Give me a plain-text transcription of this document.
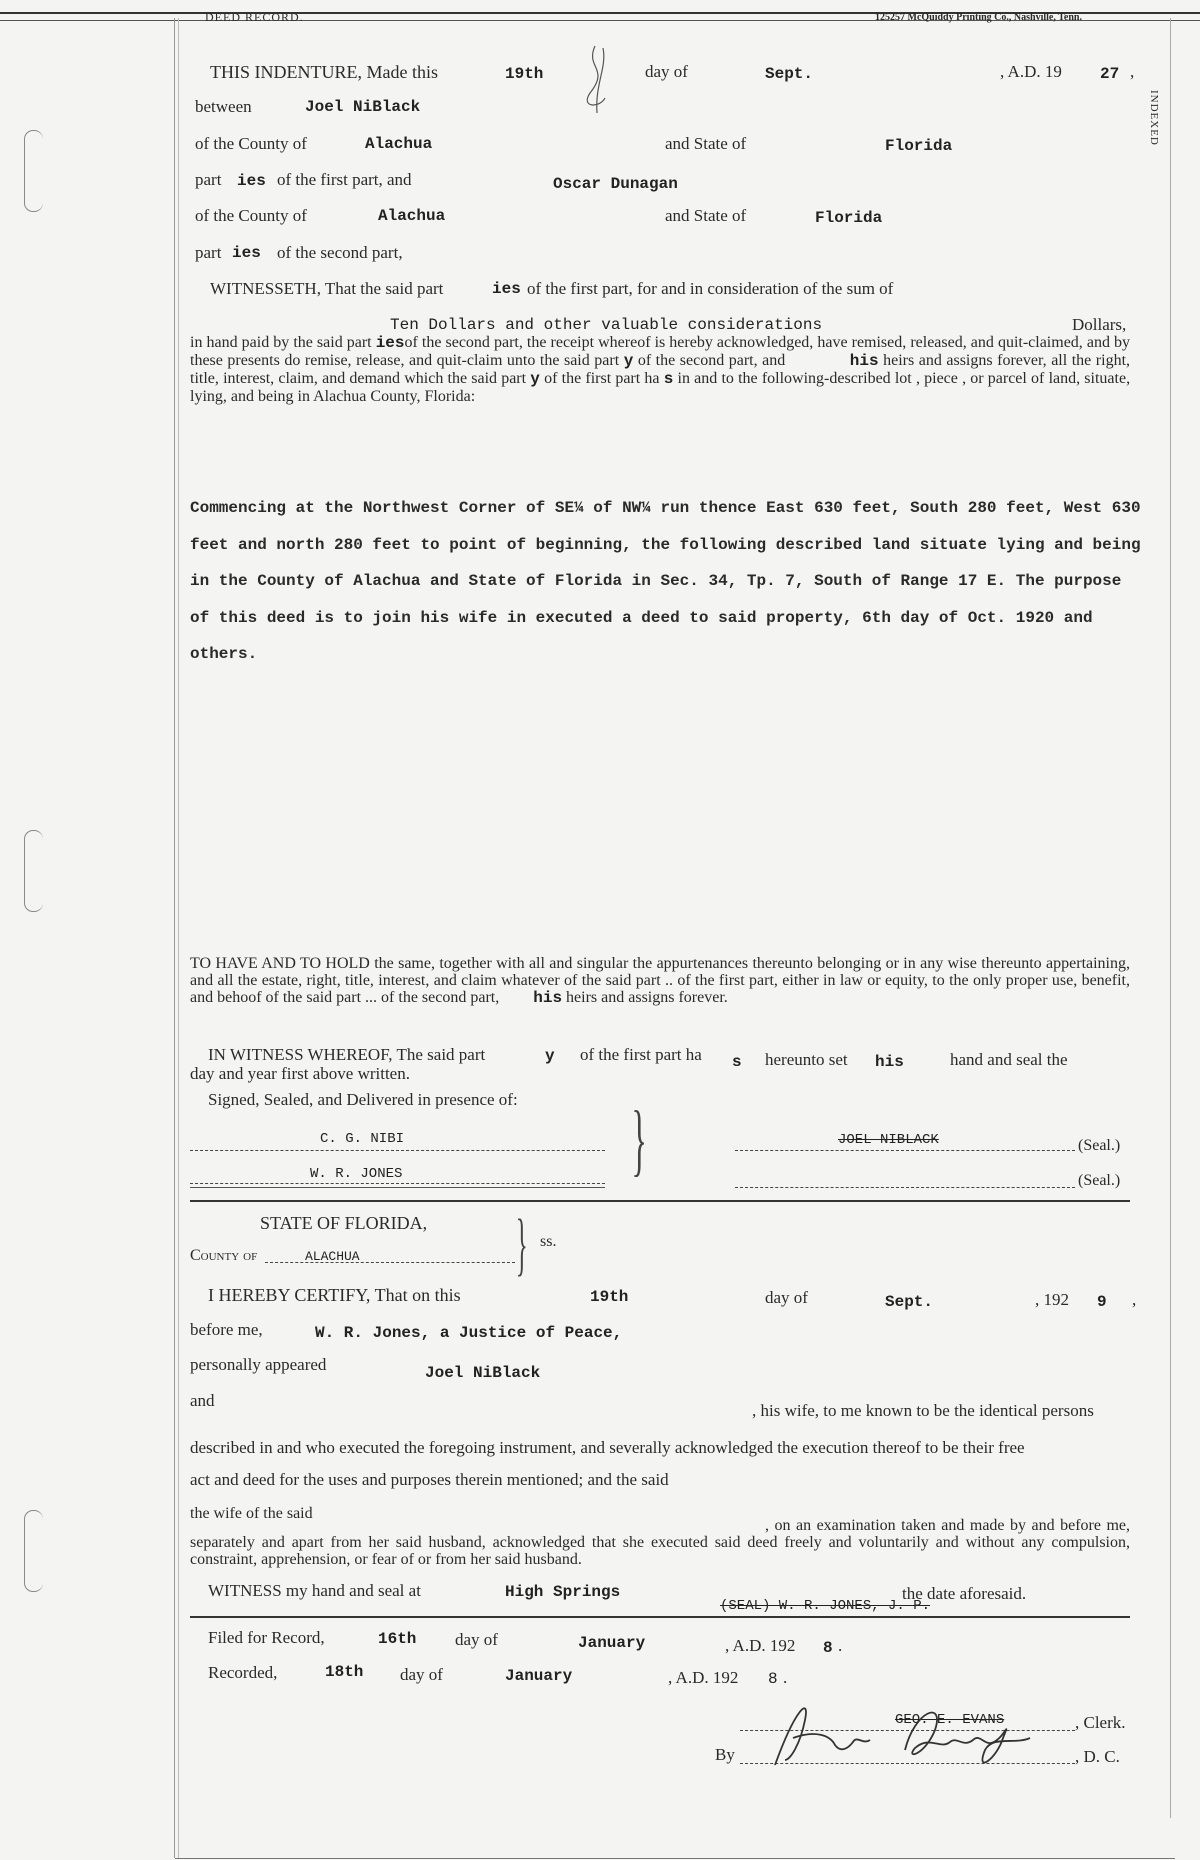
DEED RECORD.	125257 McQuiddy Printing Co., Nashville, Tenn.
INDEXED
THIS INDENTURE, Made this	19th	day of	Sept.	, A.D. 19 27 ,
between	Joel NiBlack
of the County of	Alachua	and State of	Florida
part ies of the first part, and	Oscar Dunagan
of the County of	Alachua	and State of	Florida
part ies of the second part,
WITNESSETH, That the said part	ies of the first part, for and in consideration of the sum of
Ten Dollars and other valuable considerations	Dollars,
in hand paid by the said part iesof the second part, the receipt whereof is hereby acknowledged, have remised, released, and quit-claimed, and by these presents do remise, release, and quit-claim unto the said part y of the second part, and	his heirs and assigns forever, all the right, title, interest, claim, and demand which the said part y of the first part ha s in and to the following-described lot , piece , or parcel of land, situate, lying, and being in Alachua County, Florida:
Commencing at the Northwest Corner of SE¼ of NW¼ run thence East 630 feet, South 280 feet, West 630 feet and north 280 feet to point of beginning, the following described land situate lying and being in the County of Alachua and State of Florida in Sec. 34, Tp. 7, South of Range 17 E. The purpose of this deed is to join his wife in executed a deed to said property, 6th day of Oct. 1920 and others.
TO HAVE AND TO HOLD the same, together with all and singular the appurtenances thereunto belonging or in any wise thereunto appertaining, and all the estate, right, title, interest, and claim whatever of the said part .. of the first part, either in law or equity, to the only proper use, benefit, and behoof of the said part ... of the second part, his heirs and assigns forever.
IN WITNESS WHEREOF, The said part	y of the first part ha s hereunto set his	hand and seal the
day and year first above written.
Signed, Sealed, and Delivered in presence of:
C. G. NIBI
W. R. JONES	}	JOEL NIBLACK	(Seal.)
(Seal.)
STATE OF FLORIDA,
County of	ALACHUA } ss.
I HEREBY CERTIFY, That on this	19th	day of	Sept.	, 192 9 ,
before me,	W. R. Jones, a Justice of Peace,
personally appeared	Joel NiBlack
and
, his wife, to me known to be the identical persons
described in and who executed the foregoing instrument, and severally acknowledged the execution thereof to be their free
act and deed for the uses and purposes therein mentioned; and the said
the wife of the said
, on an examination taken and made by and before me, separately and apart from her said husband, acknowledged that she executed said deed freely and voluntarily and without any compulsion, constraint, apprehension, or fear of or from her said husband.
WITNESS my hand and seal at	High Springs	the date aforesaid.
(SEAL) W. R. JONES, J. P.
Filed for Record,	16th day of	January	, A.D. 192 8 .
Recorded,	18th day of	January	, A.D. 192 8 .
GEO. E. EVANS	, Clerk.
By	, D. C.
